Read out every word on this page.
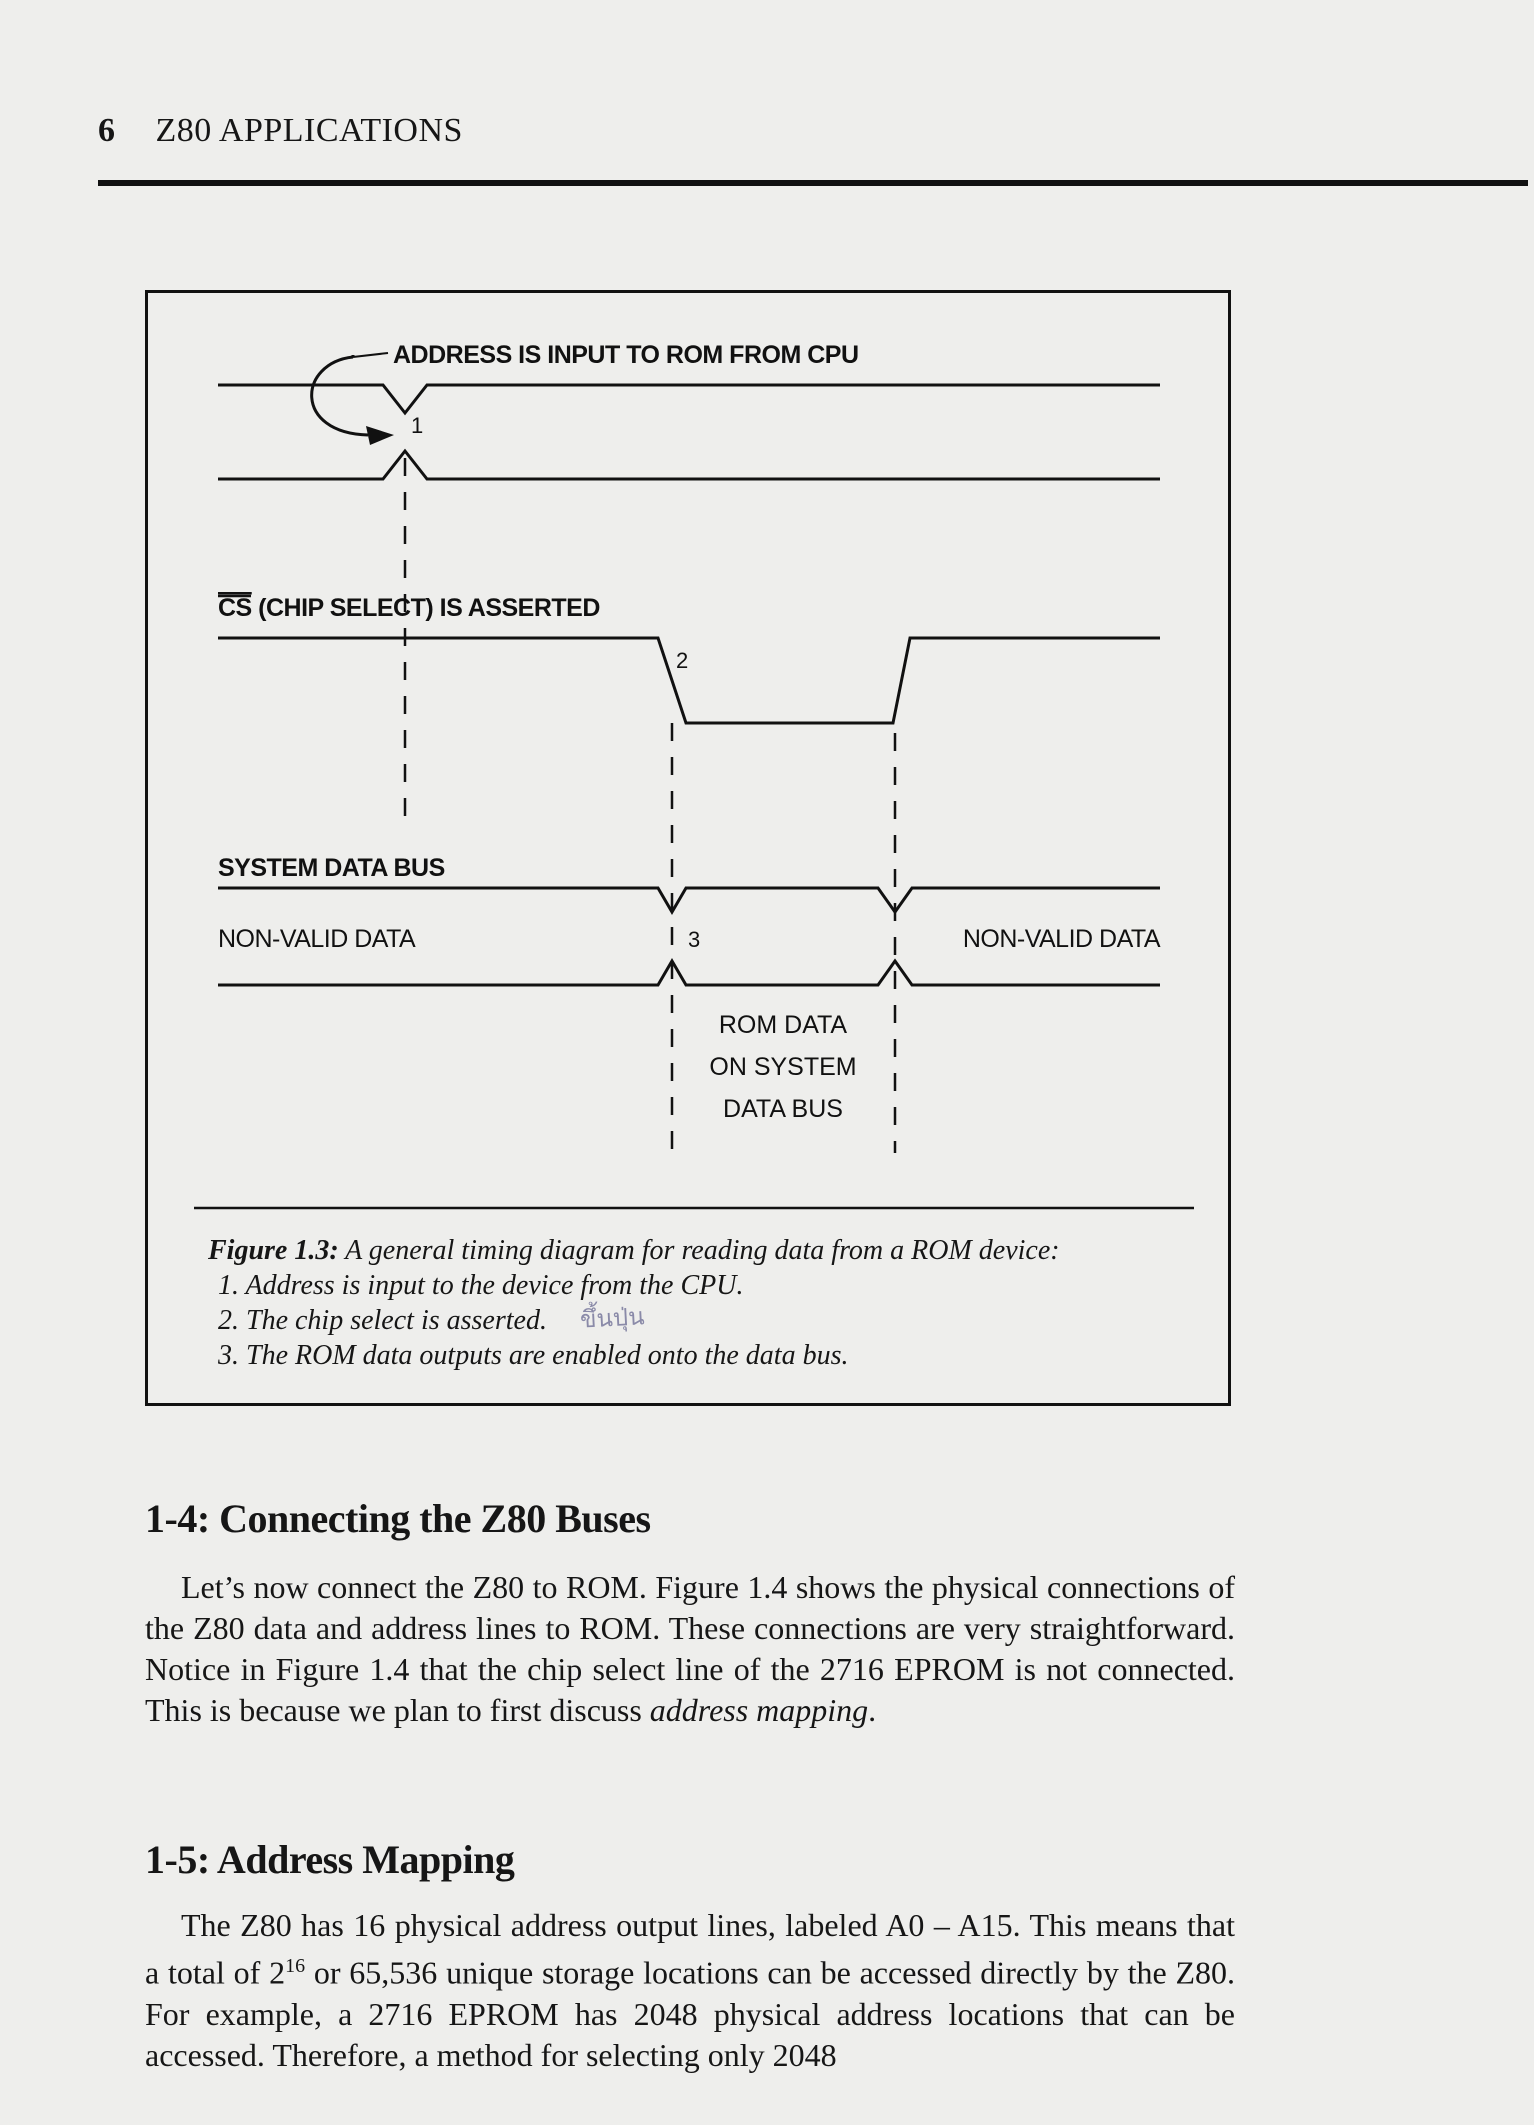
6 Z80 APPLICATIONS
ADDRESS IS INPUT TO ROM FROM CPU
1
CS (CHIP SELECT) IS ASSERTED
2
SYSTEM DATA BUS
NON-VALID DATA	3	NON-VALID DATA
ROM DATA
ON SYSTEM
DATA BUS
Figure 1.3: A general timing diagram for reading data from a ROM device:
1. Address is input to the device from the CPU.
2. The chip select is asserted.
3. The ROM data outputs are enabled onto the data bus.
ขึ้นปุ่น
1-4: Connecting the Z80 Buses

Let’s now connect the Z80 to ROM. Figure 1.4 shows the physical connections of the Z80 data and address lines to ROM. These connections are very straightforward. Notice in Figure 1.4 that the chip select line of the 2716 EPROM is not connected. This is because we plan to first discuss address mapping.

1-5: Address Mapping

The Z80 has 16 physical address output lines, labeled A0 – A15. This means that a total of $2^{16}$ or 65,536 unique storage locations can be accessed directly by the Z80. For example, a 2716 EPROM has 2048 physical address locations that can be accessed. Therefore, a method for selecting only 2048
